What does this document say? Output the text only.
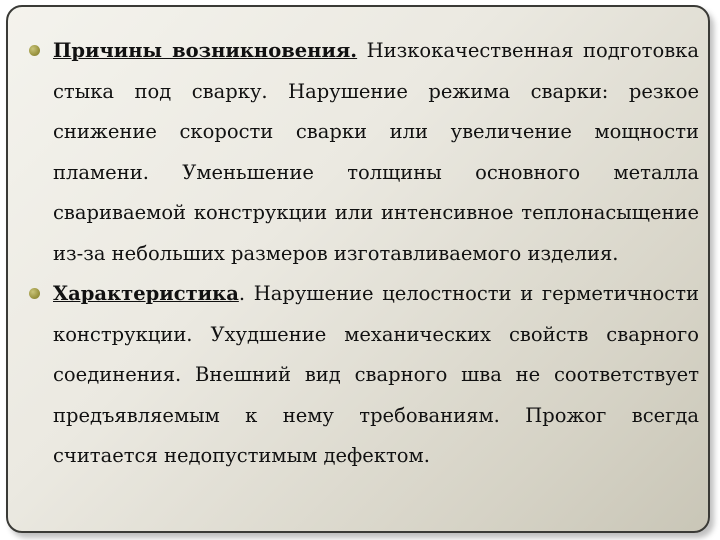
Причины возникновения. Низкокачественная подготовка стыка под сварку. Нарушение режима сварки: резкое снижение скорости сварки или увеличение мощности пламени. Уменьшение толщины основного металла свариваемой конструкции или интенсивное теплонасыщение из-за небольших размеров изготавливаемого изделия.
Характеристика. Нарушение целостности и герметичности конструкции. Ухудшение механических свойств сварного соединения. Внешний вид сварного шва не соответствует предъявляемым к нему требованиям. Прожог всегда считается недопустимым дефектом.
